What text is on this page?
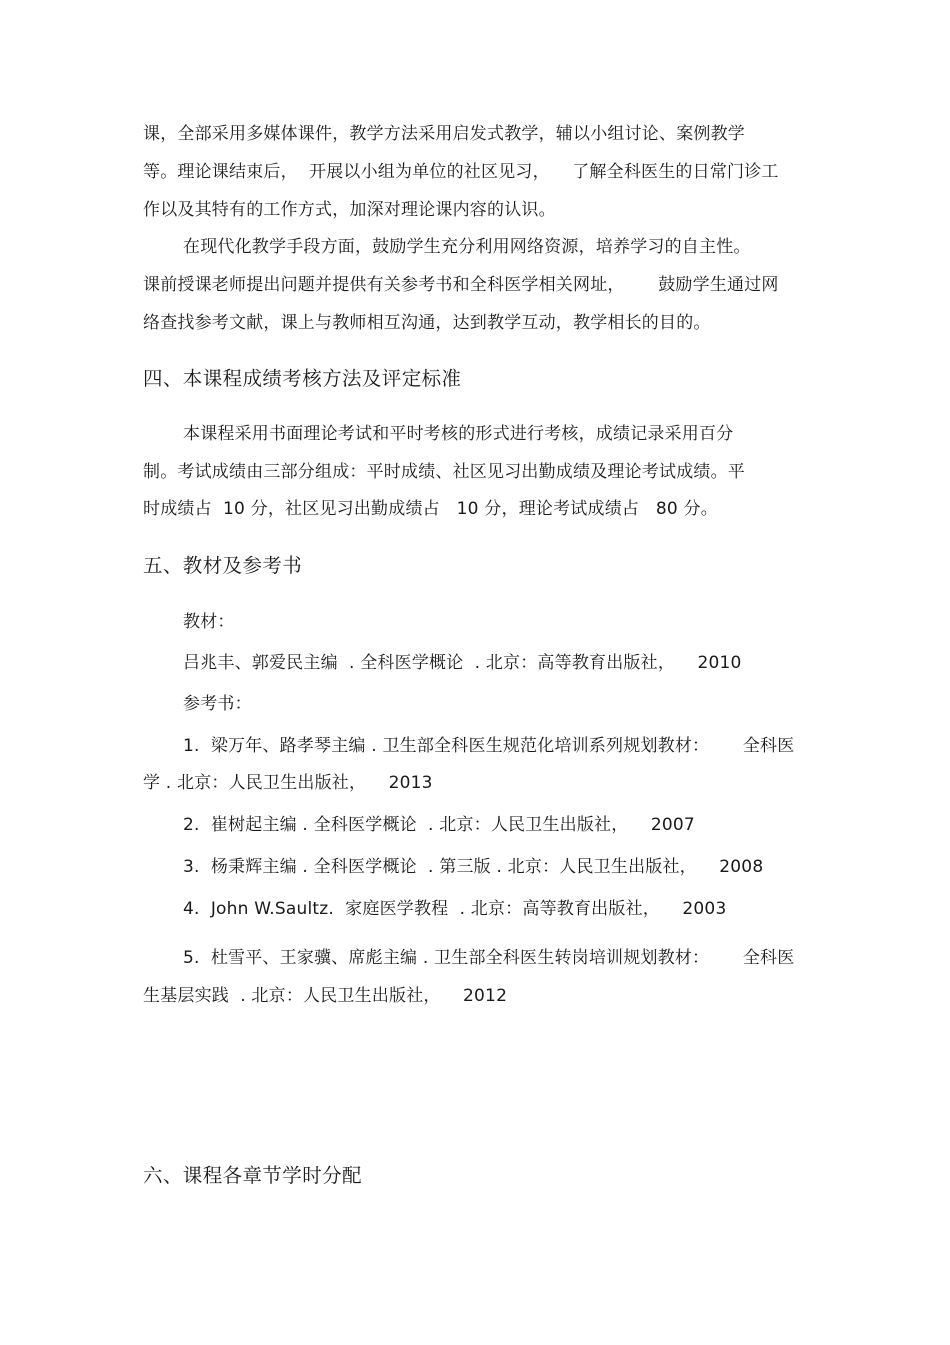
课，全部采用多媒体课件，教学方法采用启发式教学，辅以小组讨论、案例教学
等。理论课结束后，  开展以小组为单位的社区见习，    了解全科医生的日常门诊工
作以及其特有的工作方式，加深对理论课内容的认识。
在现代化教学手段方面，鼓励学生充分利用网络资源，培养学习的自主性。
课前授课老师提出问题并提供有关参考书和全科医学相关网址，      鼓励学生通过网
络查找参考文献，课上与教师相互沟通，达到教学互动，教学相长的目的。
四、本课程成绩考核方法及评定标准
本课程采用书面理论考试和平时考核的形式进行考核，成绩记录采用百分
制。考试成绩由三部分组成：平时成绩、社区见习出勤成绩及理论考试成绩。平
时成绩占  10 分，社区见习出勤成绩占   10 分，理论考试成绩占   80 分。
五、教材及参考书
教材：
吕兆丰、郭爱民主编  . 全科医学概论  . 北京：高等教育出版社，    2010
参考书：
1.  梁万年、路孝琴主编 . 卫生部全科医生规范化培训系列规划教材：      全科医
学 . 北京：人民卫生出版社，    2013
2.  崔树起主编 . 全科医学概论  . 北京：人民卫生出版社，    2007
3.  杨秉辉主编 . 全科医学概论  . 第三版 . 北京：人民卫生出版社，    2008
4.  John W.Saultz.  家庭医学教程  . 北京：高等教育出版社，    2003
5.  杜雪平、王家骥、席彪主编 . 卫生部全科医生转岗培训规划教材：      全科医
生基层实践  . 北京：人民卫生出版社，    2012
六、课程各章节学时分配
